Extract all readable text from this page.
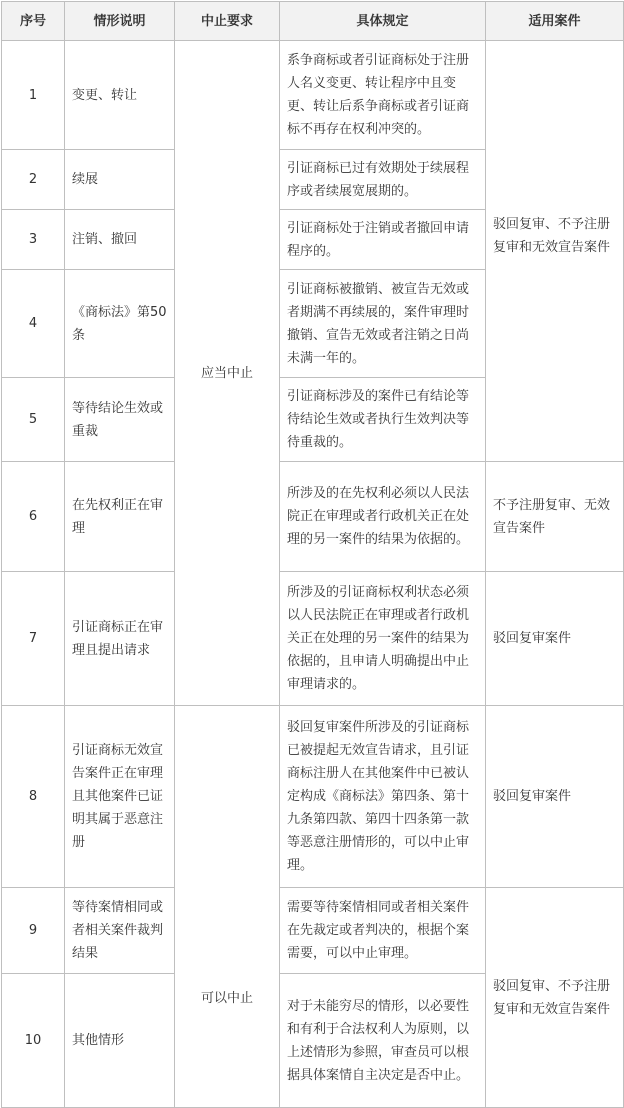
序号	情形说明	中止要求	具体规定	适用案件
1	变更、转让	应当中止	系争商标或者引证商标处于注册人名义变更、转让程序中且变更、转让后系争商标或者引证商标不再存在权利冲突的。	驳回复审、不予注册复审和无效宣告案件
2	续展		引证商标已过有效期处于续展程序或者续展宽展期的。	
3	注销、撤回		引证商标处于注销或者撤回申请程序的。	
4	《商标法》第50条		引证商标被撤销、被宣告无效或者期满不再续展的，案件审理时撤销、宣告无效或者注销之日尚未满一年的。	
5	等待结论生效或重裁		引证商标涉及的案件已有结论等待结论生效或者执行生效判决等待重裁的。	
6	在先权利正在审理		所涉及的在先权利必须以人民法院正在审理或者行政机关正在处理的另一案件的结果为依据的。	不予注册复审、无效宣告案件
7	引证商标正在审理且提出请求		所涉及的引证商标权利状态必须以人民法院正在审理或者行政机关正在处理的另一案件的结果为依据的，且申请人明确提出中止审理请求的。	驳回复审案件
8	引证商标无效宣告案件正在审理且其他案件已证明其属于恶意注册	可以中止	驳回复审案件所涉及的引证商标已被提起无效宣告请求，且引证商标注册人在其他案件中已被认定构成《商标法》第四条、第十九条第四款、第四十四条第一款等恶意注册情形的，可以中止审理。	驳回复审案件
9	等待案情相同或者相关案件裁判结果		需要等待案情相同或者相关案件在先裁定或者判决的，根据个案需要，可以中止审理。	驳回复审、不予注册复审和无效宣告案件
10	其他情形		对于未能穷尽的情形，以必要性和有利于合法权利人为原则，以上述情形为参照，审查员可以根据具体案情自主决定是否中止。	
